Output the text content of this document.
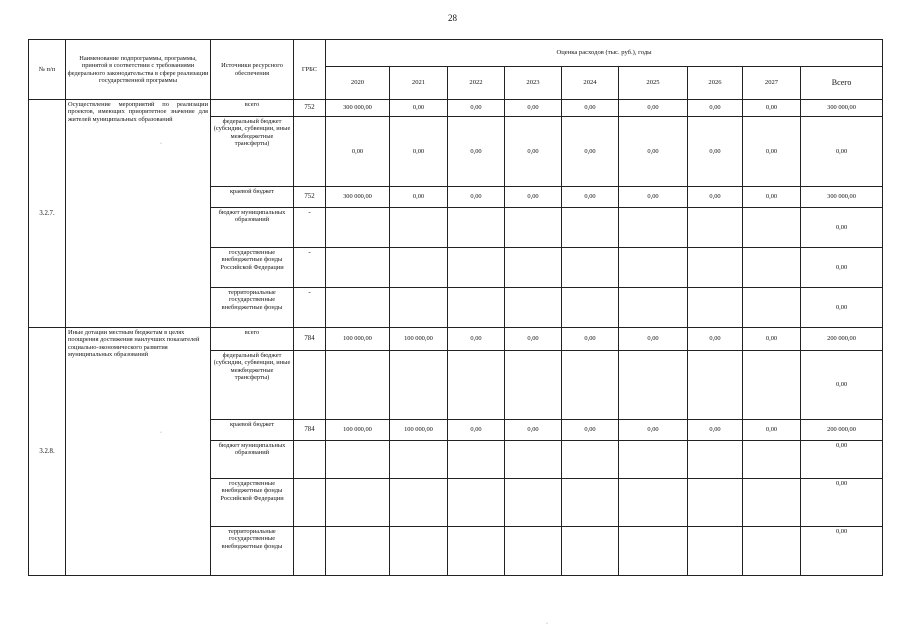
28
№ п/п	Наименование подпрограммы, программы, принятой в соответствии с требованиями федерального законодательства в сфере реализации государственной программы	Источники ресурсного обеспечения	ГРБС	Оценка расходов (тыс. руб.), годы								
				2020	2021	2022	2023	2024	2025	2026	2027	Всего
3.2.7.	Осуществление мероприятий по реализации проектов, имеющих приоритетное значение для жителей муниципальных образований	всего	752	300 000,00	0,00	0,00	0,00	0,00	0,00	0,00	0,00	300 000,00
		федеральный бюджет (субсидии, субвенции, иные межбюджетные трансферты)		0,00	0,00	0,00	0,00	0,00	0,00	0,00	0,00	0,00
		краевой бюджет	752	300 000,00	0,00	0,00	0,00	0,00	0,00	0,00	0,00	300 000,00
		бюджет муниципальных образований	-									0,00
		государственные внебюджетные фонды Российской Федерации	-									0,00
		территориальные государственные внебюджетные фонды	-									0,00
3.2.8.	Иные дотации местным бюджетам в целях поощрения достижения наилучших показателей социально-экономического развития муниципальных образований	всего	784	100 000,00	100 000,00	0,00	0,00	0,00	0,00	0,00	0,00	200 000,00
		федеральный бюджет (субсидии, субвенции, иные межбюджетные трансферты)										0,00
		краевой бюджет	784	100 000,00	100 000,00	0,00	0,00	0,00	0,00	0,00	0,00	200 000,00
		бюджет муниципальных образований										0,00
		государственные внебюджетные фонды Российской Федерации										0,00
		территориальные государственные внебюджетные фонды										0,00
·
·
·
